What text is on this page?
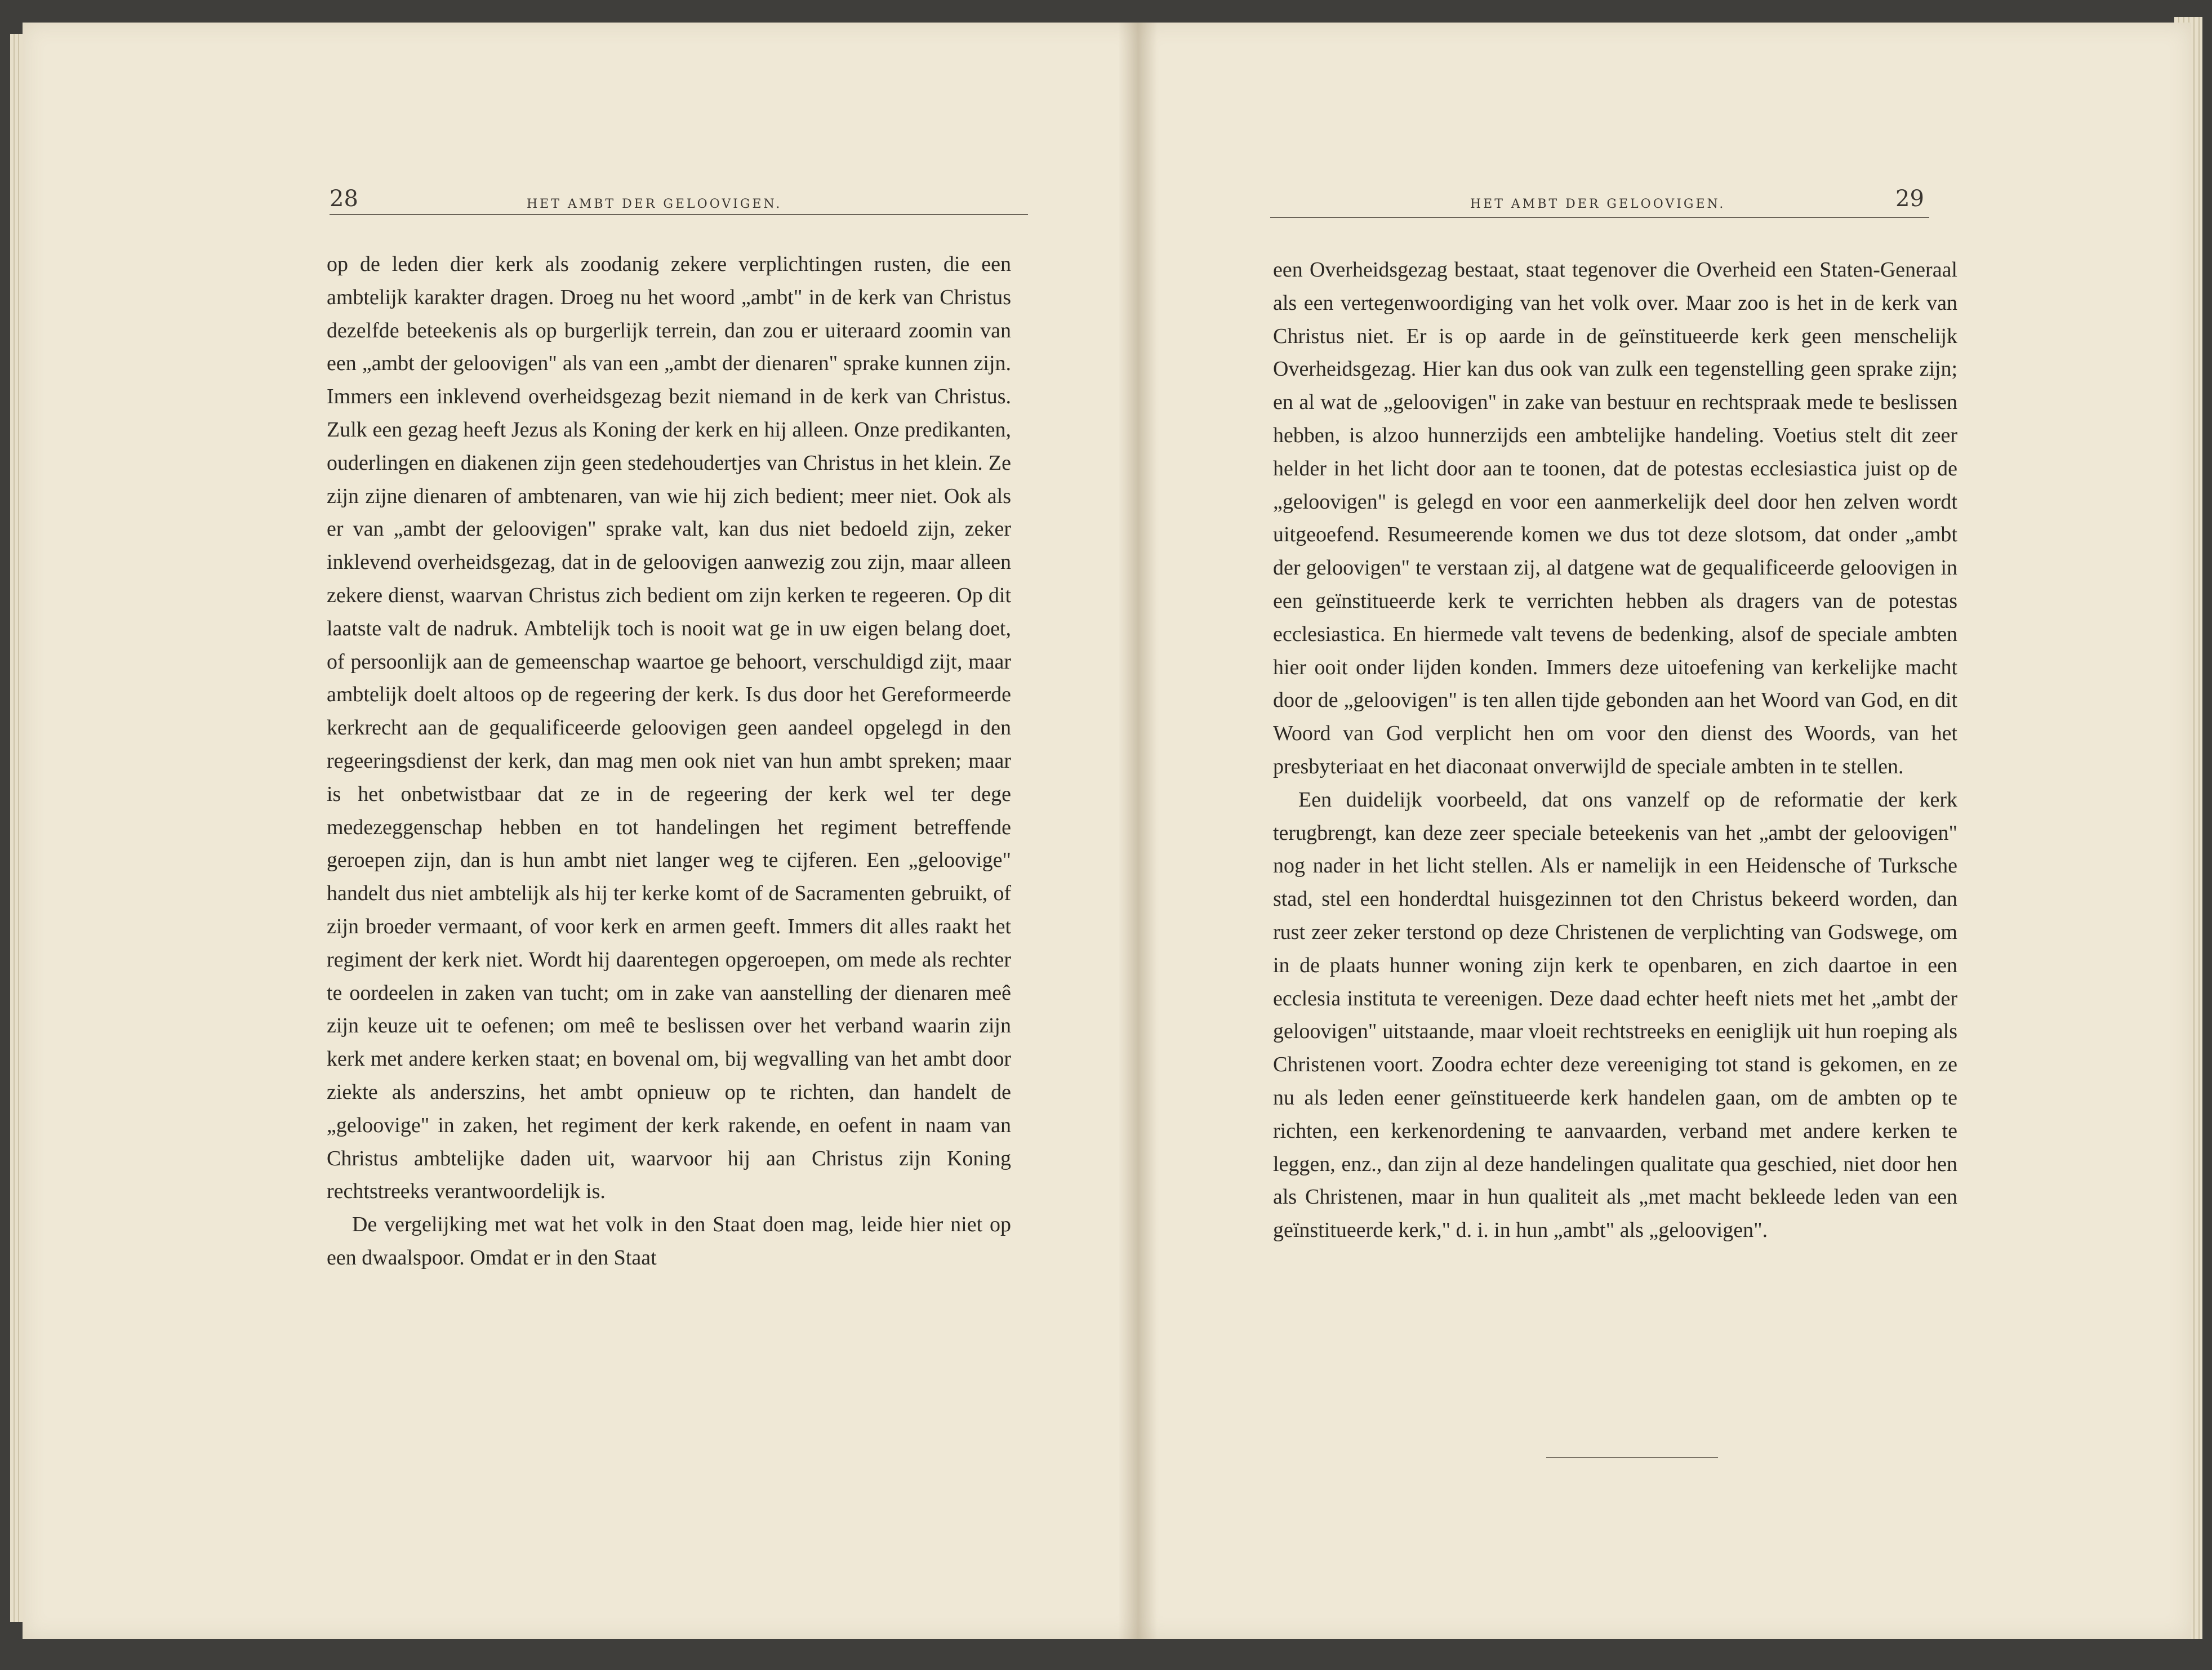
28	HET AMBT DER GELOOVIGEN.

op de leden dier kerk als zoodanig zekere verplichtingen rusten, die een ambtelijk karakter dragen. Droeg nu het woord „ambt" in de kerk van Christus dezelfde beteekenis als op burgerlijk terrein, dan zou er uiteraard zoomin van een „ambt der geloovigen" als van een „ambt der dienaren" sprake kunnen zijn. Immers een inklevend overheidsgezag bezit niemand in de kerk van Christus. Zulk een gezag heeft Jezus als Koning der kerk en hij alleen. Onze predikanten, ouderlingen en diakenen zijn geen stedehoudertjes van Christus in het klein. Ze zijn zijne dienaren of ambtenaren, van wie hij zich bedient; meer niet. Ook als er van „ambt der geloovigen" sprake valt, kan dus niet bedoeld zijn, zeker inklevend overheidsgezag, dat in de geloovigen aanwezig zou zijn, maar alleen zekere dienst, waarvan Christus zich bedient om zijn kerken te regeeren. Op dit laatste valt de nadruk. Ambtelijk toch is nooit wat ge in uw eigen belang doet, of persoonlijk aan de gemeenschap waartoe ge behoort, verschuldigd zijt, maar ambtelijk doelt altoos op de regeering der kerk. Is dus door het Gereformeerde kerkrecht aan de gequalificeerde geloovigen geen aandeel opgelegd in den regeeringsdienst der kerk, dan mag men ook niet van hun ambt spreken; maar is het onbetwistbaar dat ze in de regeering der kerk wel ter dege medezeggenschap hebben en tot handelingen het regiment betreffende geroepen zijn, dan is hun ambt niet langer weg te cijferen. Een „geloovige" handelt dus niet ambtelijk als hij ter kerke komt of de Sacramenten gebruikt, of zijn broeder vermaant, of voor kerk en armen geeft. Immers dit alles raakt het regiment der kerk niet. Wordt hij daarentegen opgeroepen, om mede als rechter te oordeelen in zaken van tucht; om in zake van aanstelling der dienaren meê zijn keuze uit te oefenen; om meê te beslissen over het verband waarin zijn kerk met andere kerken staat; en bovenal om, bij wegvalling van het ambt door ziekte als anderszins, het ambt opnieuw op te richten, dan handelt de „geloovige" in zaken, het regiment der kerk rakende, en oefent in naam van Christus ambtelijke daden uit, waarvoor hij aan Christus zijn Koning rechtstreeks verantwoordelijk is.

De vergelijking met wat het volk in den Staat doen mag, leide hier niet op een dwaalspoor. Omdat er in den Staat

HET AMBT DER GELOOVIGEN.	29

een Overheidsgezag bestaat, staat tegenover die Overheid een Staten-Generaal als een vertegenwoordiging van het volk over. Maar zoo is het in de kerk van Christus niet. Er is op aarde in de geïnstitueerde kerk geen menschelijk Overheidsgezag. Hier kan dus ook van zulk een tegenstelling geen sprake zijn; en al wat de „geloovigen" in zake van bestuur en rechtspraak mede te beslissen hebben, is alzoo hunnerzijds een ambtelijke handeling. Voetius stelt dit zeer helder in het licht door aan te toonen, dat de potestas ecclesiastica juist op de „geloovigen" is gelegd en voor een aanmerkelijk deel door hen zelven wordt uitgeoefend. Resumeerende komen we dus tot deze slotsom, dat onder „ambt der geloovigen" te verstaan zij, al datgene wat de gequalificeerde geloovigen in een geïnstitueerde kerk te verrichten hebben als dragers van de potestas ecclesiastica. En hiermede valt tevens de bedenking, alsof de speciale ambten hier ooit onder lijden konden. Immers deze uitoefening van kerkelijke macht door de „geloovigen" is ten allen tijde gebonden aan het Woord van God, en dit Woord van God verplicht hen om voor den dienst des Woords, van het presbyteriaat en het diaconaat onverwijld de speciale ambten in te stellen.

Een duidelijk voorbeeld, dat ons vanzelf op de reformatie der kerk terugbrengt, kan deze zeer speciale beteekenis van het „ambt der geloovigen" nog nader in het licht stellen. Als er namelijk in een Heidensche of Turksche stad, stel een honderdtal huisgezinnen tot den Christus bekeerd worden, dan rust zeer zeker terstond op deze Christenen de verplichting van Godswege, om in de plaats hunner woning zijn kerk te openbaren, en zich daartoe in een ecclesia instituta te vereenigen. Deze daad echter heeft niets met het „ambt der geloovigen" uitstaande, maar vloeit rechtstreeks en eeniglijk uit hun roeping als Christenen voort. Zoodra echter deze vereeniging tot stand is gekomen, en ze nu als leden eener geïnstitueerde kerk handelen gaan, om de ambten op te richten, een kerkenordening te aanvaarden, verband met andere kerken te leggen, enz., dan zijn al deze handelingen qualitate qua geschied, niet door hen als Christenen, maar in hun qualiteit als „met macht bekleede leden van een geïnstitueerde kerk," d. i. in hun „ambt" als „geloovigen".
